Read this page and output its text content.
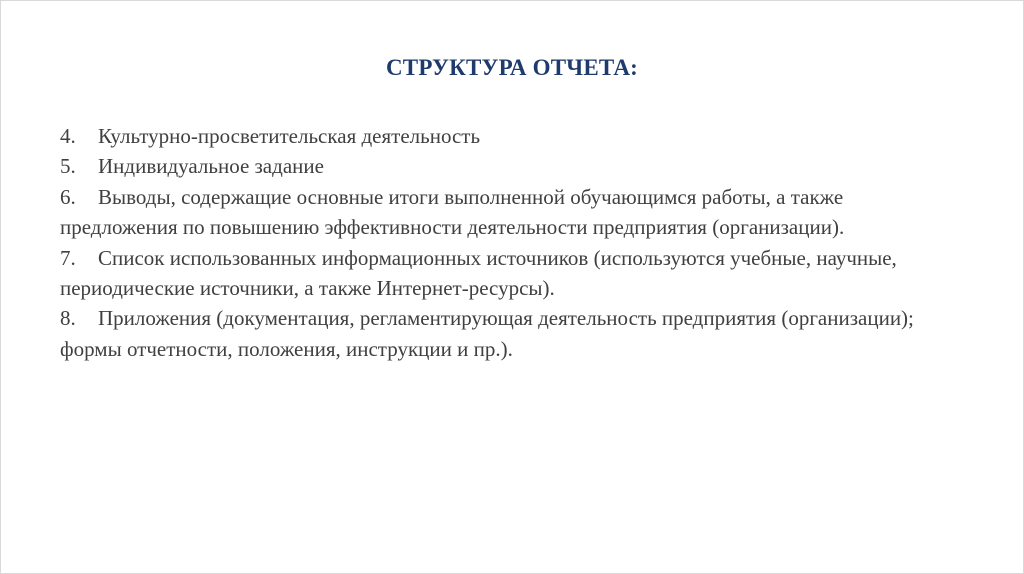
СТРУКТУРА ОТЧЕТА:
4. Культурно-просветительская деятельность
5. Индивидуальное задание
6. Выводы, содержащие основные итоги выполненной обучающимся работы, а также предложения по повышению эффективности деятельности предприятия (организации).
7. Список использованных информационных источников (используются учебные, научные, периодические источники, а также Интернет-ресурсы).
8. Приложения (документация, регламентирующая деятельность предприятия (организации); формы отчетности, положения, инструкции и пр.).
